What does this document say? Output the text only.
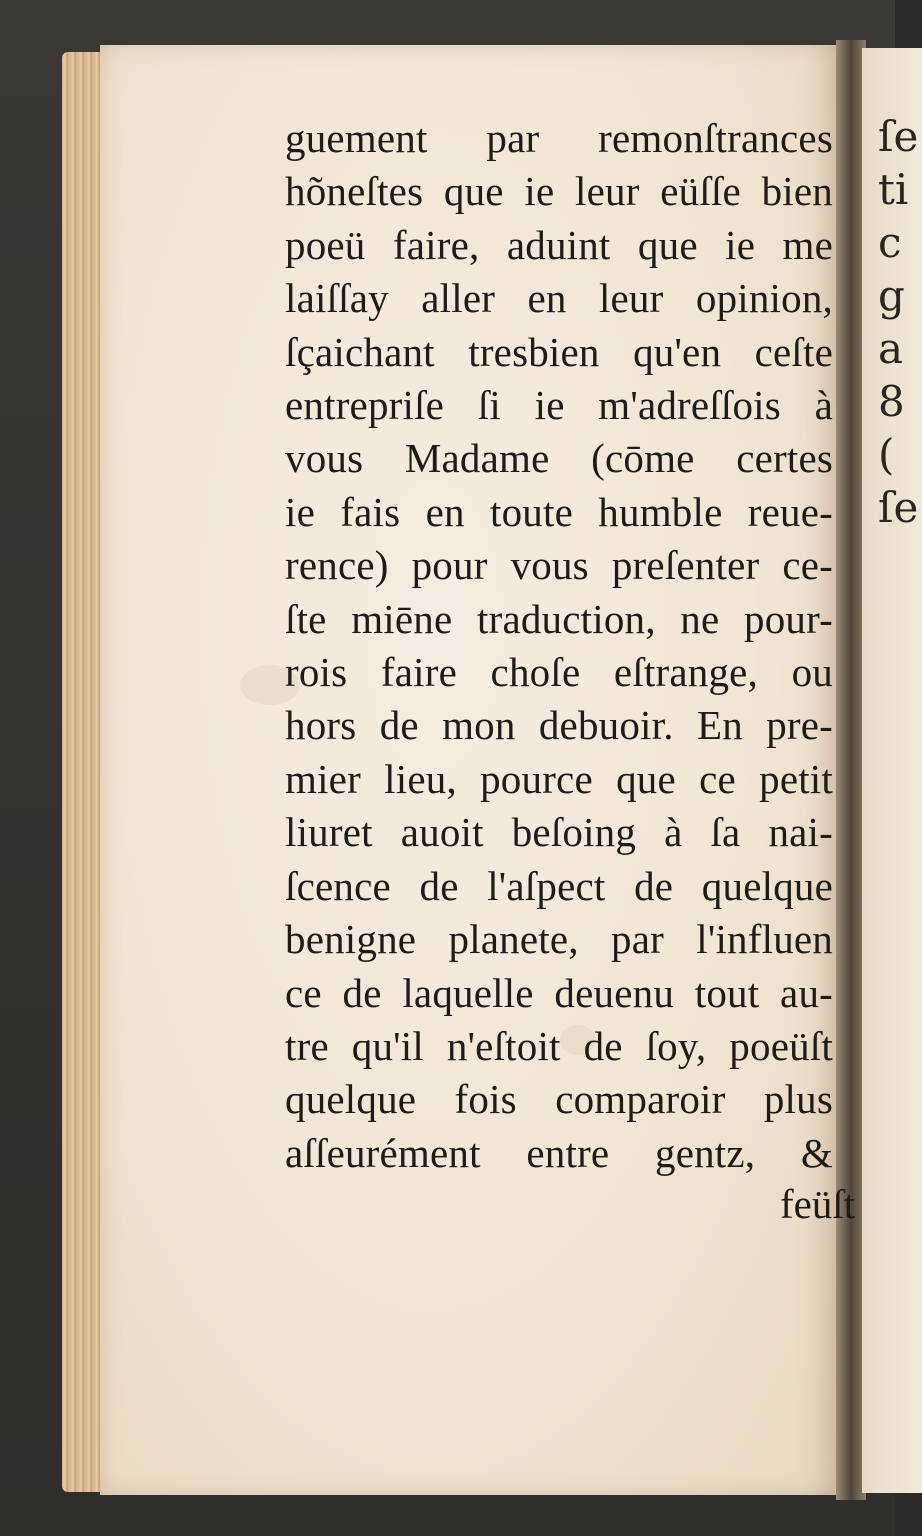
ſe
ti
c
g
a
8
(
ſe
guement par remonſtrances
hõneſtes que ie leur eüſſe bien
poeü faire, aduint que ie me
laiſſay aller en leur opinion,
ſçaichant tresbien qu'en ceſte
entrepriſe ſi ie m'adreſſois à
vous Madame (cōme certes
ie fais en toute humble reue-
rence) pour vous preſenter ce-
ſte miēne traduction, ne pour-
rois faire choſe eſtrange, ou
hors de mon debuoir. En pre-
mier lieu, pource que ce petit
liuret auoit beſoing à ſa nai-
ſcence de l'aſpect de quelque
benigne planete, par l'influen
ce de laquelle deuenu tout au-
tre qu'il n'eſtoit de ſoy, poeüſt
quelque fois comparoir plus
aſſeurément entre gentz, &
feüſt
